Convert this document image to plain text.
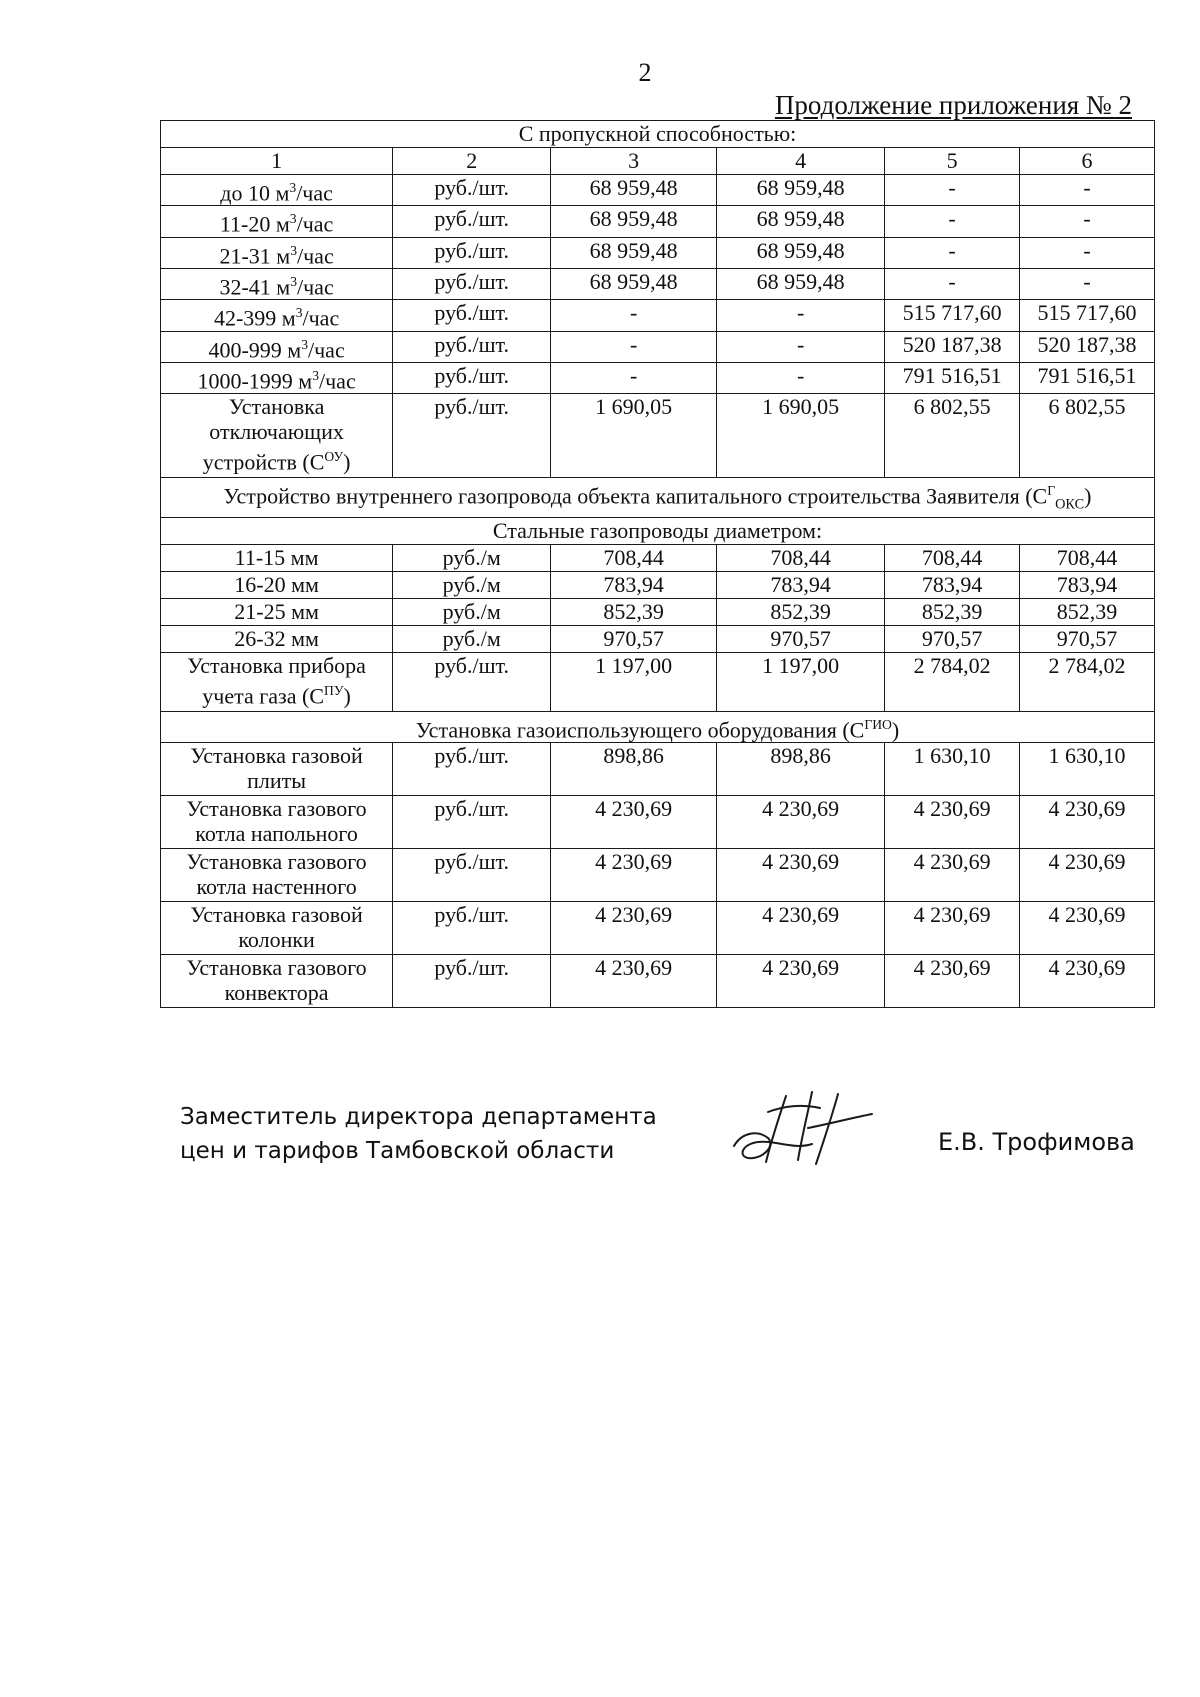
2
Продолжение приложения № 2
С пропускной способностью:					
1	2	3	4	5	6
до 10 $м^3$/час	руб./шт.	68 959,48	68 959,48	-	-
11-20 $м^3$/час	руб./шт.	68 959,48	68 959,48	-	-
21-31 $м^3$/час	руб./шт.	68 959,48	68 959,48	-	-
32-41 $м^3$/час	руб./шт.	68 959,48	68 959,48	-	-
42-399 $м^3$/час	руб./шт.	-	-	515 717,60	515 717,60
400-999 $м^3$/час	руб./шт.	-	-	520 187,38	520 187,38
1000-1999 $м^3$/час	руб./шт.	-	-	791 516,51	791 516,51
Установка отключающих устройств $(С^{ОУ})$	руб./шт.	1 690,05	1 690,05	6 802,55	6 802,55
Устройство внутреннего газопровода объекта капитального строительства Заявителя $(С^Г_{ОКС})$					
Стальные газопроводы диаметром:					
11-15 мм	руб./м	708,44	708,44	708,44	708,44
16-20 мм	руб./м	783,94	783,94	783,94	783,94
21-25 мм	руб./м	852,39	852,39	852,39	852,39
26-32 мм	руб./м	970,57	970,57	970,57	970,57
Установка прибора учета газа $(С^{ПУ})$	руб./шт.	1 197,00	1 197,00	2 784,02	2 784,02
Установка газоиспользующего оборудования $(С^{ГИО})$					
Установка газовой плиты	руб./шт.	898,86	898,86	1 630,10	1 630,10
Установка газового котла напольного	руб./шт.	4 230,69	4 230,69	4 230,69	4 230,69
Установка газового котла настенного	руб./шт.	4 230,69	4 230,69	4 230,69	4 230,69
Установка газовой колонки	руб./шт.	4 230,69	4 230,69	4 230,69	4 230,69
Установка газового конвектора	руб./шт.	4 230,69	4 230,69	4 230,69	4 230,69
Заместитель директора департамента
цен и тарифов Тамбовской области	Е.В. Трофимова
